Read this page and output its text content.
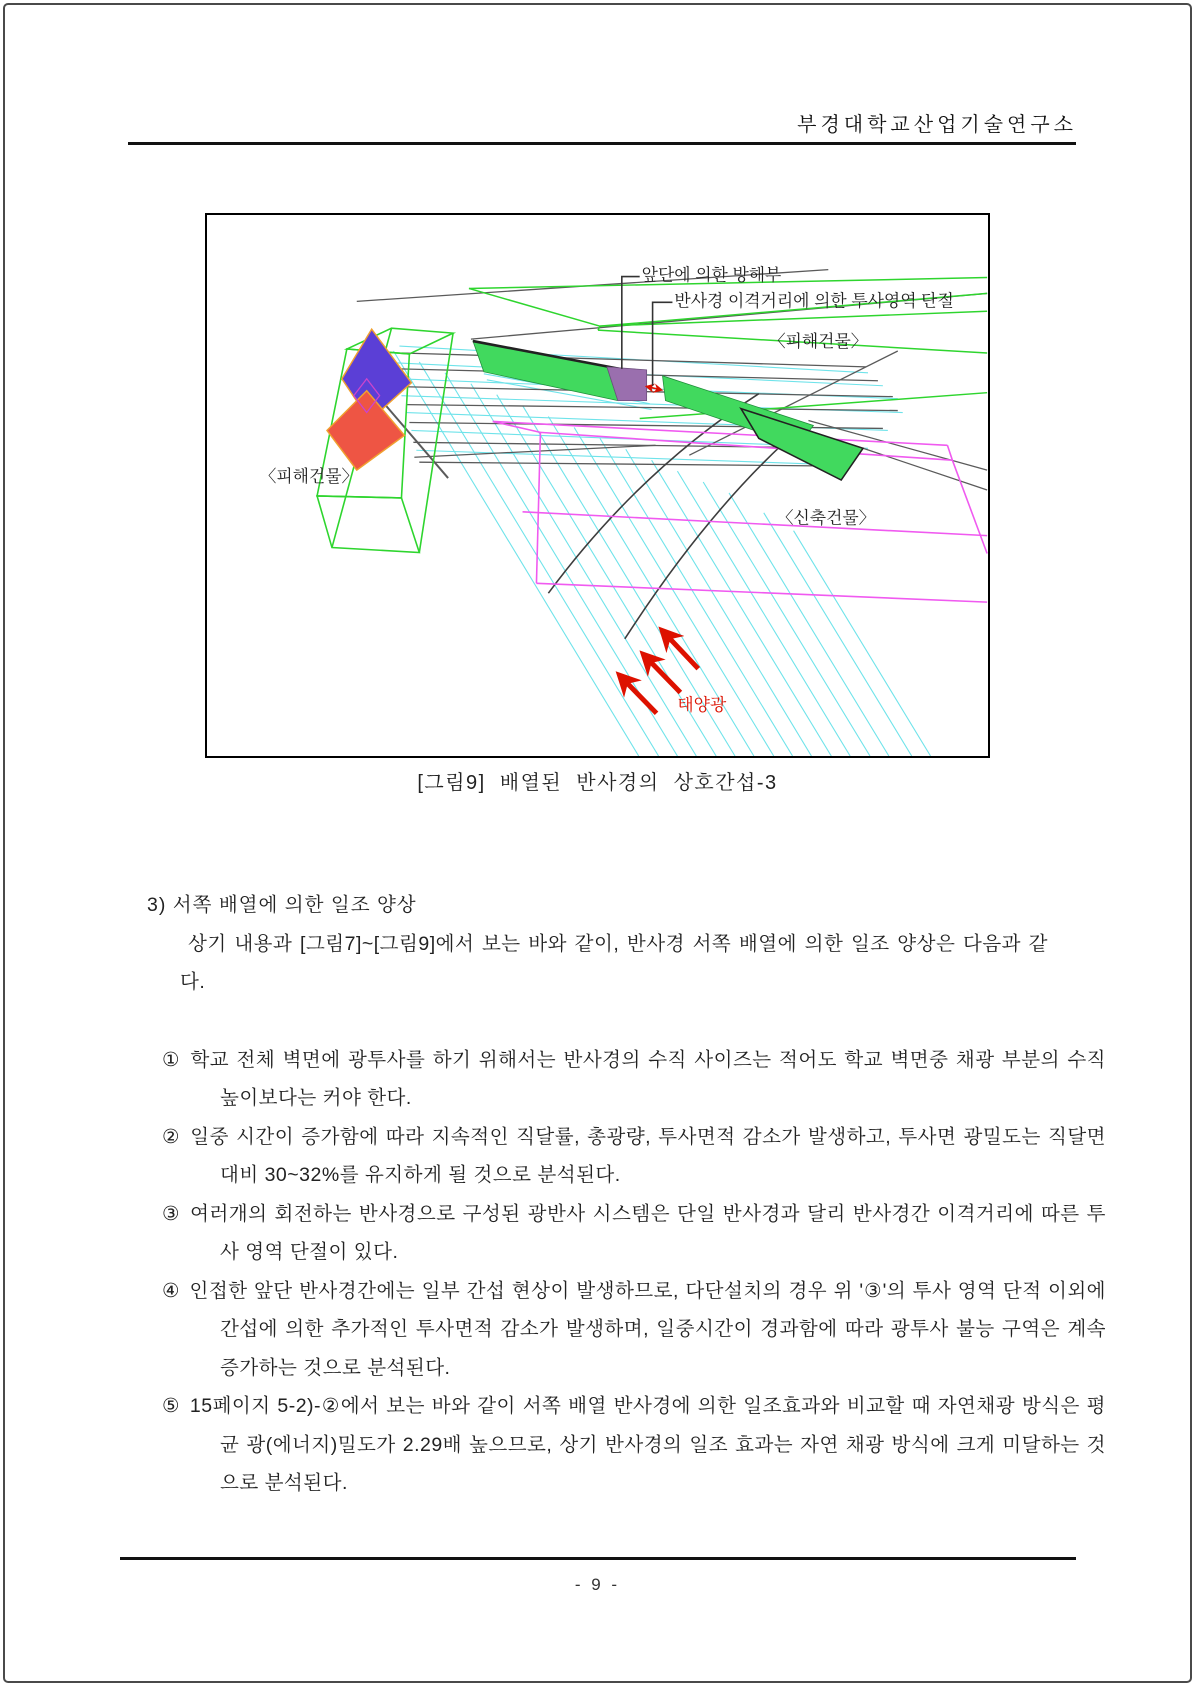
부경대학교산업기술연구소
앞단에 의한 방해부
반사경 이격거리에 의한 투사영역 단절
〈피해건물〉
〈피해건물〉
〈신축건물〉
태양광
[그림9] 배열된 반사경의 상호간섭-3
3) 서쪽 배열에 의한 일조 양상
상기 내용과 [그림7]~[그림9]에서 보는 바와 같이, 반사경 서쪽 배열에 의한 일조 양상은 다음과 같다.
① 학교 전체 벽면에 광투사를 하기 위해서는 반사경의 수직 사이즈는 적어도 학교 벽면중 채광 부분의 수직 높이보다는 커야 한다.
② 일중 시간이 증가함에 따라 지속적인 직달률, 총광량, 투사면적 감소가 발생하고, 투사면 광밀도는 직달면 대비 30~32%를 유지하게 될 것으로 분석된다.
③ 여러개의 회전하는 반사경으로 구성된 광반사 시스템은 단일 반사경과 달리 반사경간 이격거리에 따른 투사 영역 단절이 있다.
④ 인접한 앞단 반사경간에는 일부 간섭 현상이 발생하므로, 다단설치의 경우 위 '③'의 투사 영역 단적 이외에 간섭에 의한 추가적인 투사면적 감소가 발생하며, 일중시간이 경과함에 따라 광투사 불능 구역은 계속 증가하는 것으로 분석된다.
⑤ 15페이지 5-2)-②에서 보는 바와 같이 서쪽 배열 반사경에 의한 일조효과와 비교할 때 자연채광 방식은 평균 광(에너지)밀도가 2.29배 높으므로, 상기 반사경의 일조 효과는 자연 채광 방식에 크게 미달하는 것으로 분석된다.
- 9 -
